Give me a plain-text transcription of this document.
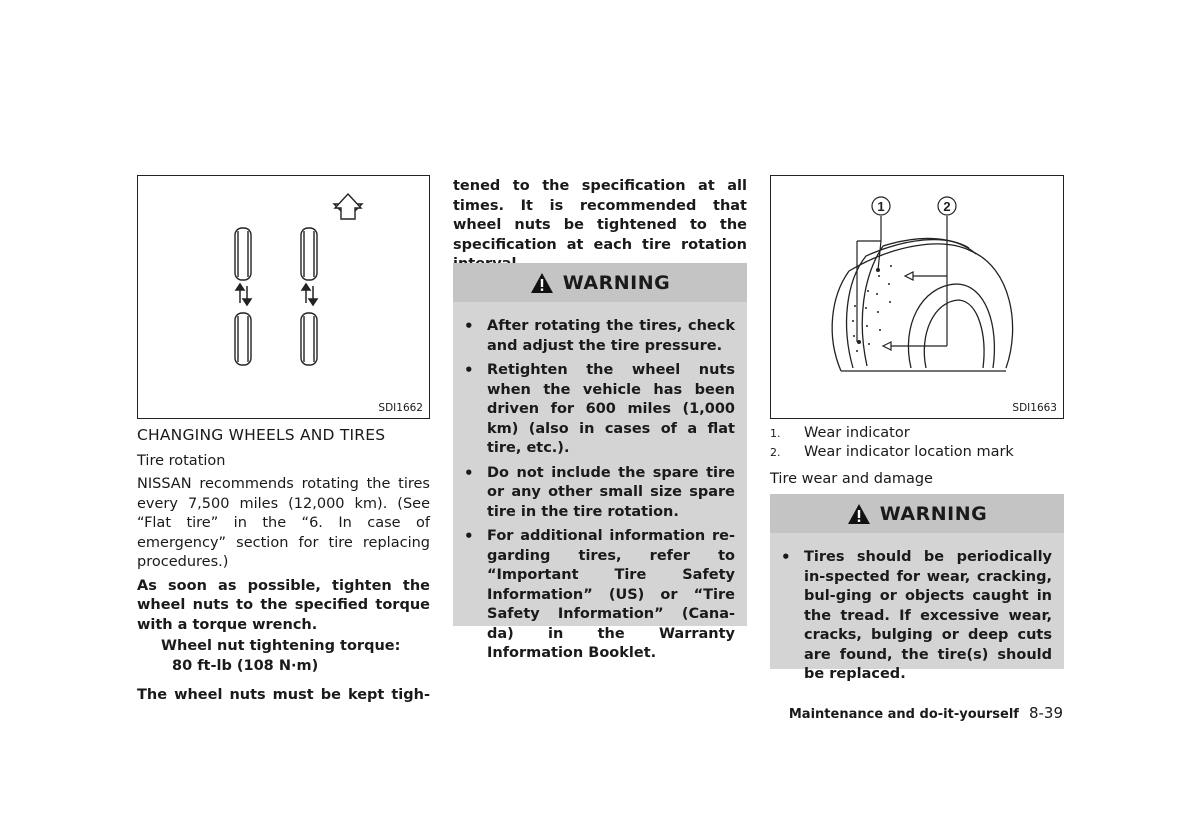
SDI1662
CHANGING WHEELS AND TIRES
Tire rotation

NISSAN recommends rotating the tires every 7,500 miles (12,000 km). (See “Flat tire” in the “6. In case of emergency” section for tire replacing procedures.)

As soon as possible, tighten the wheel nuts to the specified torque with a torque wrench.

Wheel nut tightening torque:
80 ft-lb (108 N·m)
The wheel nuts must be kept tigh-

tened to the specification at all times. It is recommended that wheel nuts be tightened to the specification at each tire rotation

WARNING
• After rotating the tires, check and adjust the tire pressure.
• Retighten the wheel nuts when the vehicle has been driven for 600 miles (1,000 km) (also in cases of a flat tire, etc.).
• Do not include the spare tire or any other small size spare tire in the tire rotation.
• For additional information re-garding tires, refer to “Important Tire Safety Information” (US) or “Tire Safety Information” (Cana-da) in the Warranty Information Booklet.
1	2
SDI1663
1. Wear indicator
2. Wear indicator location mark
Tire wear and damage
WARNING
• Tires should be periodically in-spected for wear, cracking, bul-ging or objects caught in the tread. If excessive wear, cracks, bulging or deep cuts are found, the tire(s) should be replaced.
Maintenance and do-it-yourself 8-39
